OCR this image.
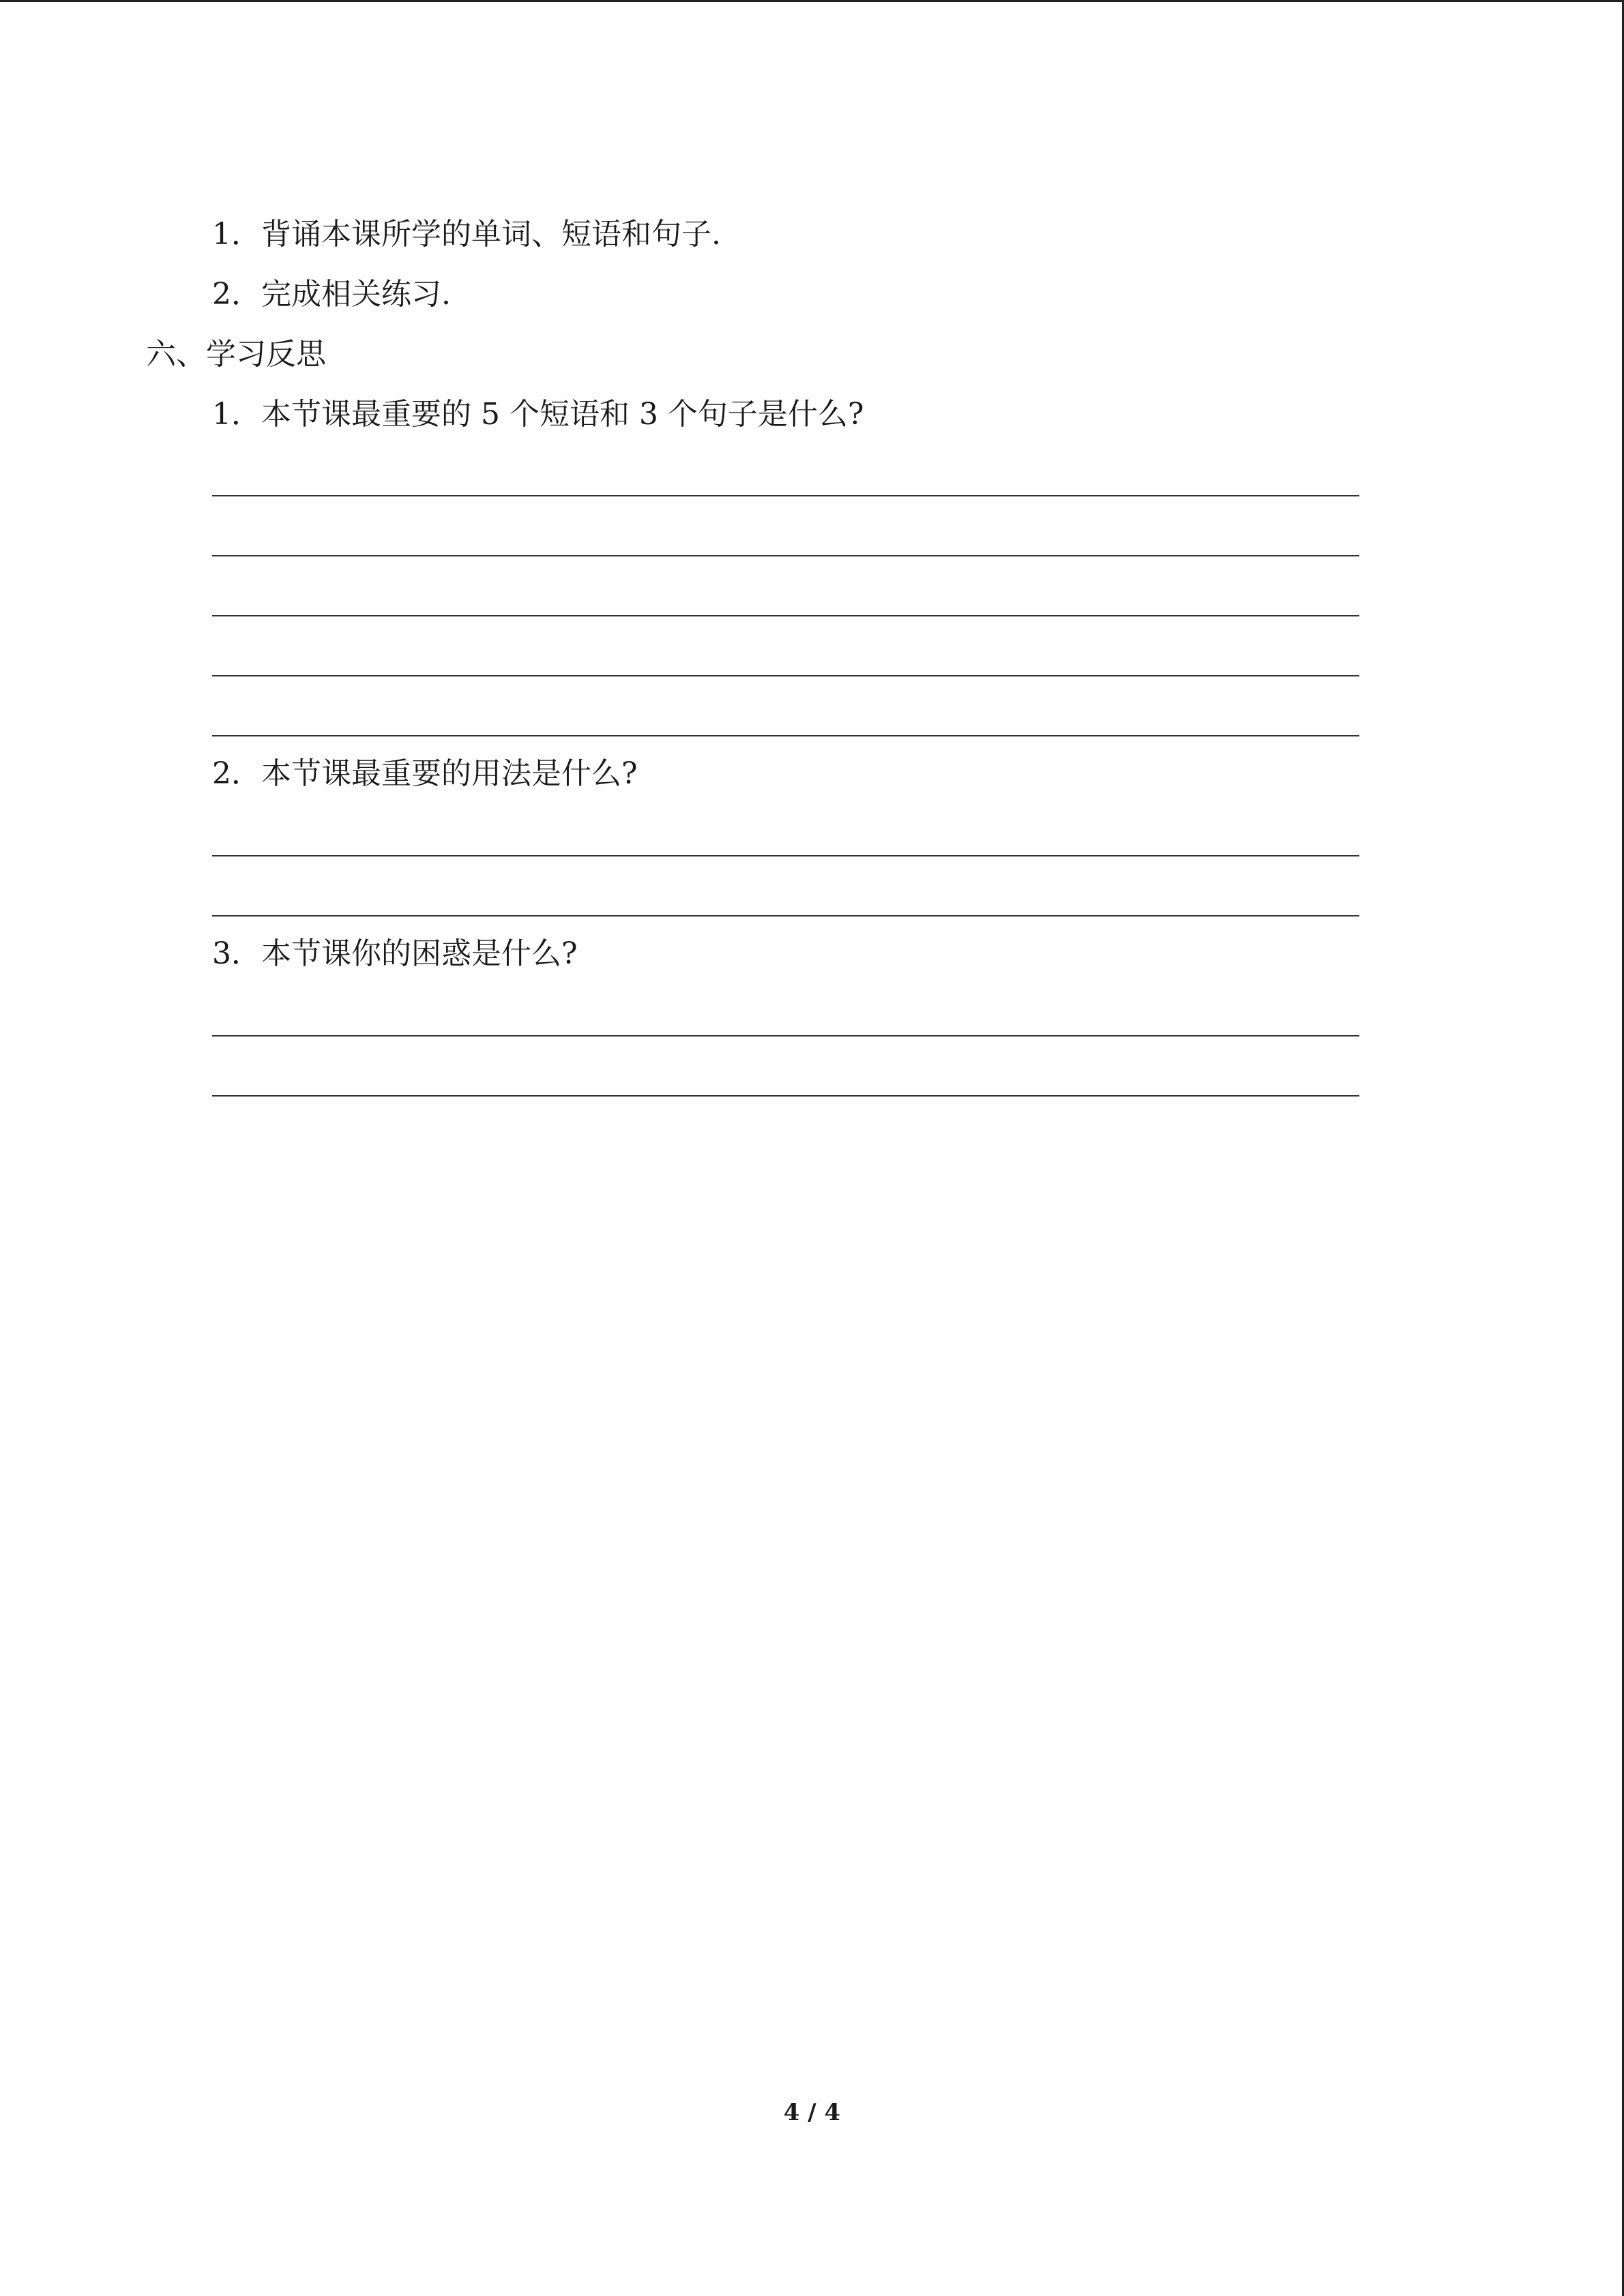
1．背诵本课所学的单词、短语和句子.
2．完成相关练习.
六、学习反思
1．本节课最重要的 5 个短语和 3 个句子是什么?
2．本节课最重要的用法是什么?
3．本节课你的困惑是什么?
4 / 4
